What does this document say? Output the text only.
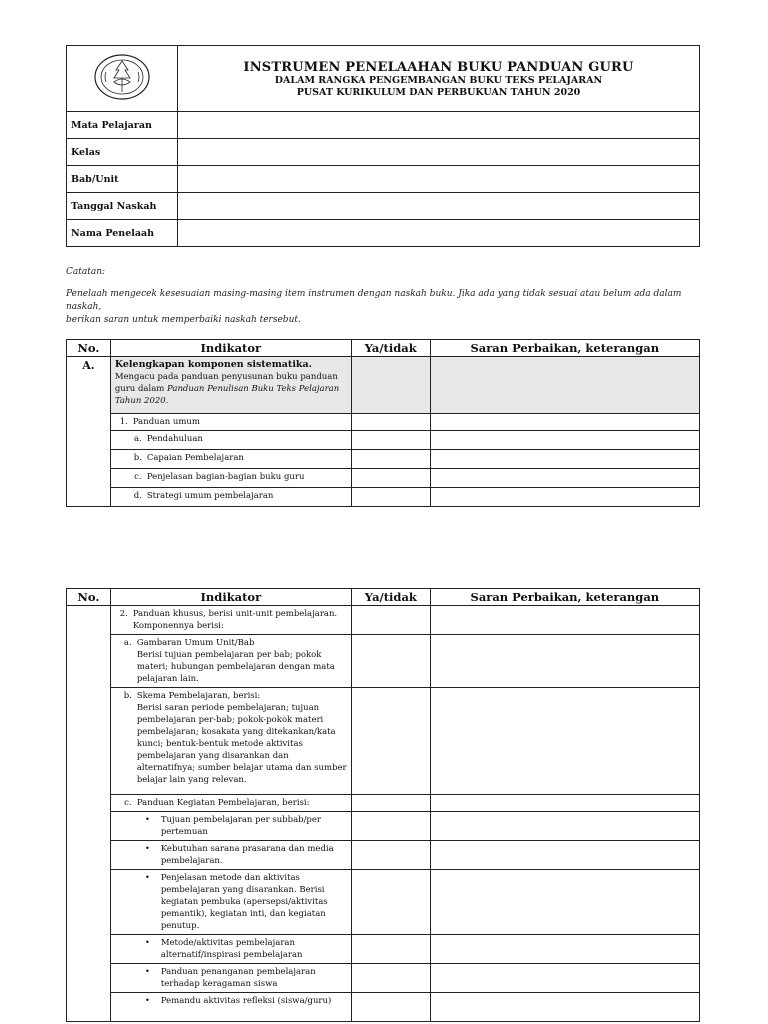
INSTRUMEN PENELAAHAN BUKU PANDUAN GURU
DALAM RANGKA PENGEMBANGAN BUKU TEKS PELAJARAN
PUSAT KURIKULUM DAN PERBUKUAN TAHUN 2020

Mata Pelajaran	
Kelas	
Bab/Unit	
Tanggal Naskah	
Nama Penelaah	
Catatan:
Penelaah mengecek kesesuaian masing-masing item instrumen dengan naskah buku. Jika ada yang tidak sesuai atau belum ada dalam naskah,
berikan saran untuk memperbaiki naskah tersebut.
No.	Indikator	Ya/tidak	Saran Perbaikan, keterangan
A.	Kelengkapan komponen sistematika.
Mengacu pada panduan penyusunan buku panduan guru dalam Panduan Penulisan Buku Teks Pelajaran Tahun 2020.		

	1. Panduan umum		

	a. Pendahuluan		

	b. Capaian Pembelajaran		

	c. Penjelasan bagian-bagian buku guru		

	d. Strategi umum pembelajaran		

No.	Indikator	Ya/tidak	Saran Perbaikan, keterangan

	2. Panduan khusus, berisi unit-unit pembelajaran. Komponennya berisi:		

	a. Gambaran Umum Unit/Bab
Berisi tujuan pembelajaran per bab; pokok materi; hubungan pembelajaran dengan mata pelajaran lain.		

	b. Skema Pembelajaran, berisi:
Berisi saran periode pembelajaran; tujuan pembelajaran per-bab; pokok-pokok materi pembelajaran; kosakata yang ditekankan/kata kunci; bentuk-bentuk metode aktivitas pembelajaran yang disarankan dan alternatifnya; sumber belajar utama dan sumber belajar lain yang relevan.		

	c. Panduan Kegiatan Pembelajaran, berisi:		

	• Tujuan pembelajaran per subbab/per pertemuan		

	• Kebutuhan sarana prasarana dan media pembelajaran.		

	• Penjelasan metode dan aktivitas pembelajaran yang disarankan. Berisi kegiatan pembuka (apersepsi/aktivitas pemantik), kegiatan inti, dan kegiatan penutup.		

	• Metode/aktivitas pembelajaran alternatif/inspirasi pembelajaran		

	• Panduan penanganan pembelajaran terhadap keragaman siswa		

	• Pemandu aktivitas refleksi (siswa/guru)		
